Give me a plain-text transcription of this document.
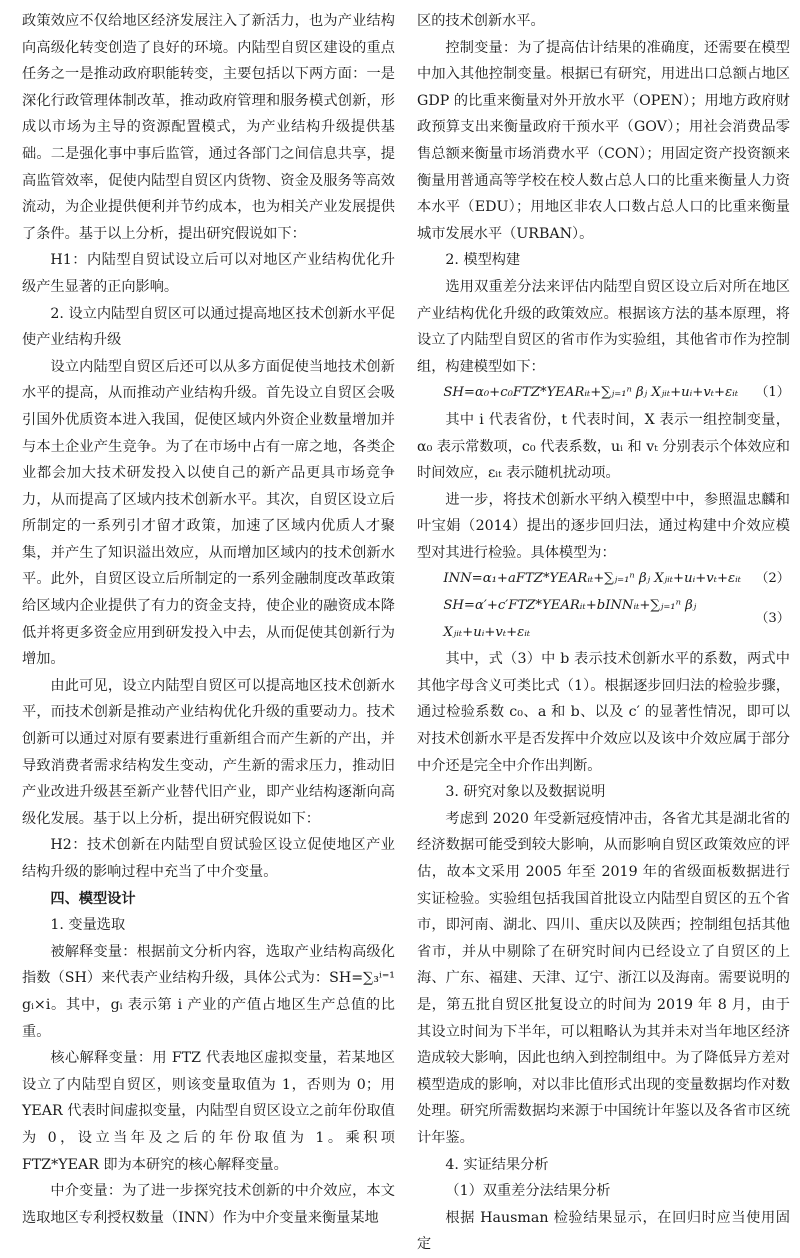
政策效应不仅给地区经济发展注入了新活力，也为产业结构向高级化转变创造了良好的环境。内陆型自贸区建设的重点任务之一是推动政府职能转变，主要包括以下两方面：一是深化行政管理体制改革，推动政府管理和服务模式创新，形成以市场为主导的资源配置模式，为产业结构升级提供基础。二是强化事中事后监管，通过各部门之间信息共享，提高监管效率，促使内陆型自贸区内货物、资金及服务等高效流动，为企业提供便利并节约成本，也为相关产业发展提供了条件。基于以上分析，提出研究假说如下：

H1：内陆型自贸试设立后可以对地区产业结构优化升级产生显著的正向影响。

2. 设立内陆型自贸区可以通过提高地区技术创新水平促使产业结构升级

设立内陆型自贸区后还可以从多方面促使当地技术创新水平的提高，从而推动产业结构升级。首先设立自贸区会吸引国外优质资本进入我国，促使区域内外资企业数量增加并与本土企业产生竞争。为了在市场中占有一席之地，各类企业都会加大技术研发投入以使自己的新产品更具市场竞争力，从而提高了区域内技术创新水平。其次，自贸区设立后所制定的一系列引才留才政策，加速了区域内优质人才聚集，并产生了知识溢出效应，从而增加区域内的技术创新水平。此外，自贸区设立后所制定的一系列金融制度改革政策给区域内企业提供了有力的资金支持，使企业的融资成本降低并将更多资金应用到研发投入中去，从而促使其创新行为增加。

由此可见，设立内陆型自贸区可以提高地区技术创新水平，而技术创新是推动产业结构优化升级的重要动力。技术创新可以通过对原有要素进行重新组合而产生新的产出，并导致消费者需求结构发生变动，产生新的需求压力，推动旧产业改进升级甚至新产业替代旧产业，即产业结构逐渐向高级化发展。基于以上分析，提出研究假说如下：

H2：技术创新在内陆型自贸试验区设立促使地区产业结构升级的影响过程中充当了中介变量。

四、模型设计

1. 变量选取

被解释变量：根据前文分析内容，选取产业结构高级化指数（SH）来代表产业结构升级，具体公式为：SH=∑₃ⁱ⁼¹ gᵢ×i。其中，gᵢ 表示第 i 产业的产值占地区生产总值的比重。

核心解释变量：用 FTZ 代表地区虚拟变量，若某地区设立了内陆型自贸区，则该变量取值为 1，否则为 0；用 YEAR 代表时间虚拟变量，内陆型自贸区设立之前年份取值为 0，设立当年及之后的年份取值为 1。乘积项 FTZ*YEAR 即为本研究的核心解释变量。

中介变量：为了进一步探究技术创新的中介效应，本文选取地区专利授权数量（INN）作为中介变量来衡量某地

区的技术创新水平。

控制变量：为了提高估计结果的准确度，还需要在模型中加入其他控制变量。根据已有研究，用进出口总额占地区 GDP 的比重来衡量对外开放水平（OPEN）；用地方政府财政预算支出来衡量政府干预水平（GOV）；用社会消费品零售总额来衡量市场消费水平（CON）；用固定资产投资额来衡量用普通高等学校在校人数占总人口的比重来衡量人力资本水平（EDU）；用地区非农人口数占总人口的比重来衡量城市发展水平（URBAN）。

2. 模型构建

选用双重差分法来评估内陆型自贸区设立后对所在地区产业结构优化升级的政策效应。根据该方法的基本原理，将设立了内陆型自贸区的省市作为实验组，其他省市作为控制组，构建模型如下：

SH=α₀+c₀FTZ*YEARᵢₜ+∑ⱼ₌₁ⁿ βⱼ Xⱼᵢₜ+uᵢ+vₜ+εᵢₜ （1）

其中 i 代表省份，t 代表时间，X 表示一组控制变量，α₀ 表示常数项，c₀ 代表系数，uᵢ 和 vₜ 分别表示个体效应和时间效应，εᵢₜ 表示随机扰动项。

进一步，将技术创新水平纳入模型中中，参照温忠麟和叶宝娟（2014）提出的逐步回归法，通过构建中介效应模型对其进行检验。具体模型为：

INN=α₁+aFTZ*YEARᵢₜ+∑ⱼ₌₁ⁿ βⱼ Xⱼᵢₜ+uᵢ+vₜ+εᵢₜ （2）
SH=α′+c′FTZ*YEARᵢₜ+bINNᵢₜ+∑ⱼ₌₁ⁿ βⱼ Xⱼᵢₜ+uᵢ+vₜ+εᵢₜ
（3）

其中，式（3）中 b 表示技术创新水平的系数，两式中其他字母含义可类比式（1）。根据逐步回归法的检验步骤，通过检验系数 c₀、a 和 b、以及 c′ 的显著性情况，即可以对技术创新水平是否发挥中介效应以及该中介效应属于部分中介还是完全中介作出判断。

3. 研究对象以及数据说明

考虑到 2020 年受新冠疫情冲击，各省尤其是湖北省的经济数据可能受到较大影响，从而影响自贸区政策效应的评估，故本文采用 2005 年至 2019 年的省级面板数据进行实证检验。实验组包括我国首批设立内陆型自贸区的五个省市，即河南、湖北、四川、重庆以及陕西；控制组包括其他省市，并从中剔除了在研究时间内已经设立了自贸区的上海、广东、福建、天津、辽宁、浙江以及海南。需要说明的是，第五批自贸区批复设立的时间为 2019 年 8 月，由于其设立时间为下半年，可以粗略认为其并未对当年地区经济造成较大影响，因此也纳入到控制组中。为了降低异方差对模型造成的影响，对以非比值形式出现的变量数据均作对数处理。研究所需数据均来源于中国统计年鉴以及各省市区统计年鉴。

4. 实证结果分析

（1）双重差分法结果分析

根据 Hausman 检验结果显示，在回归时应当使用固定
